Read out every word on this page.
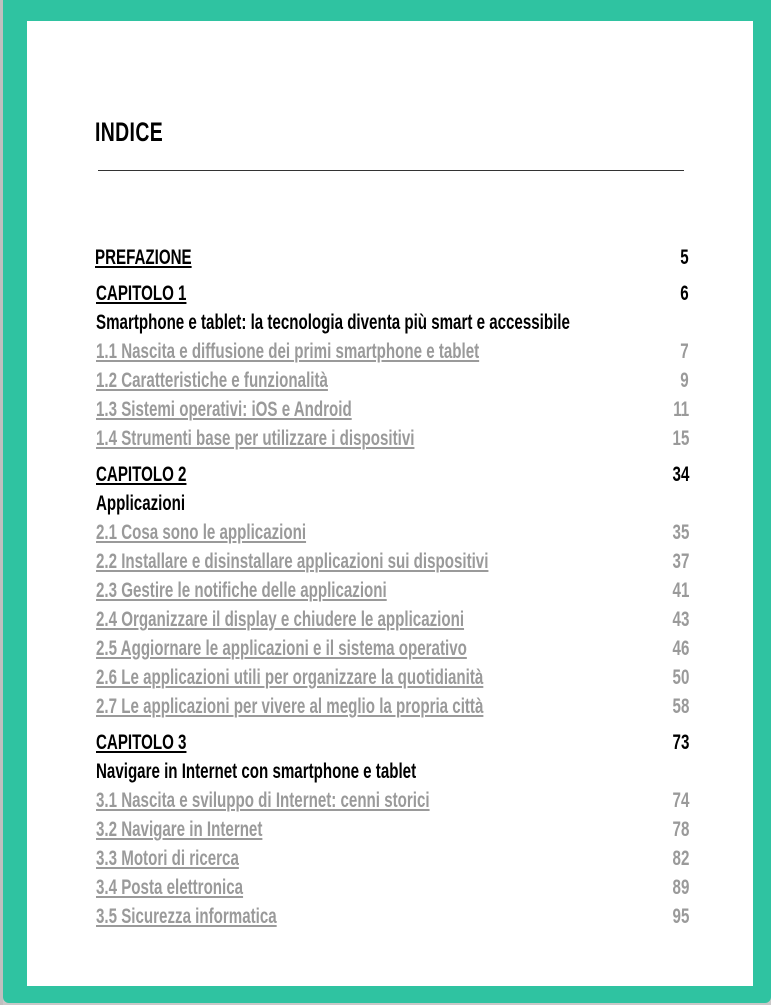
INDICE
PREFAZIONE	5
CAPITOLO 1	6
Smartphone e tablet: la tecnologia diventa più smart e accessibile
1.1 Nascita e diffusione dei primi smartphone e tablet	7
1.2 Caratteristiche e funzionalità	9
1.3 Sistemi operativi: iOS e Android	11
1.4 Strumenti base per utilizzare i dispositivi	15
CAPITOLO 2	34
Applicazioni
2.1 Cosa sono le applicazioni	35
2.2 Installare e disinstallare applicazioni sui dispositivi	37
2.3 Gestire le notifiche delle applicazioni	41
2.4 Organizzare il display e chiudere le applicazioni	43
2.5 Aggiornare le applicazioni e il sistema operativo	46
2.6 Le applicazioni utili per organizzare la quotidianità	50
2.7 Le applicazioni per vivere al meglio la propria città	58
CAPITOLO 3	73
Navigare in Internet con smartphone e tablet
3.1 Nascita e sviluppo di Internet: cenni storici	74
3.2 Navigare in Internet	78
3.3 Motori di ricerca	82
3.4 Posta elettronica	89
3.5 Sicurezza informatica	95
